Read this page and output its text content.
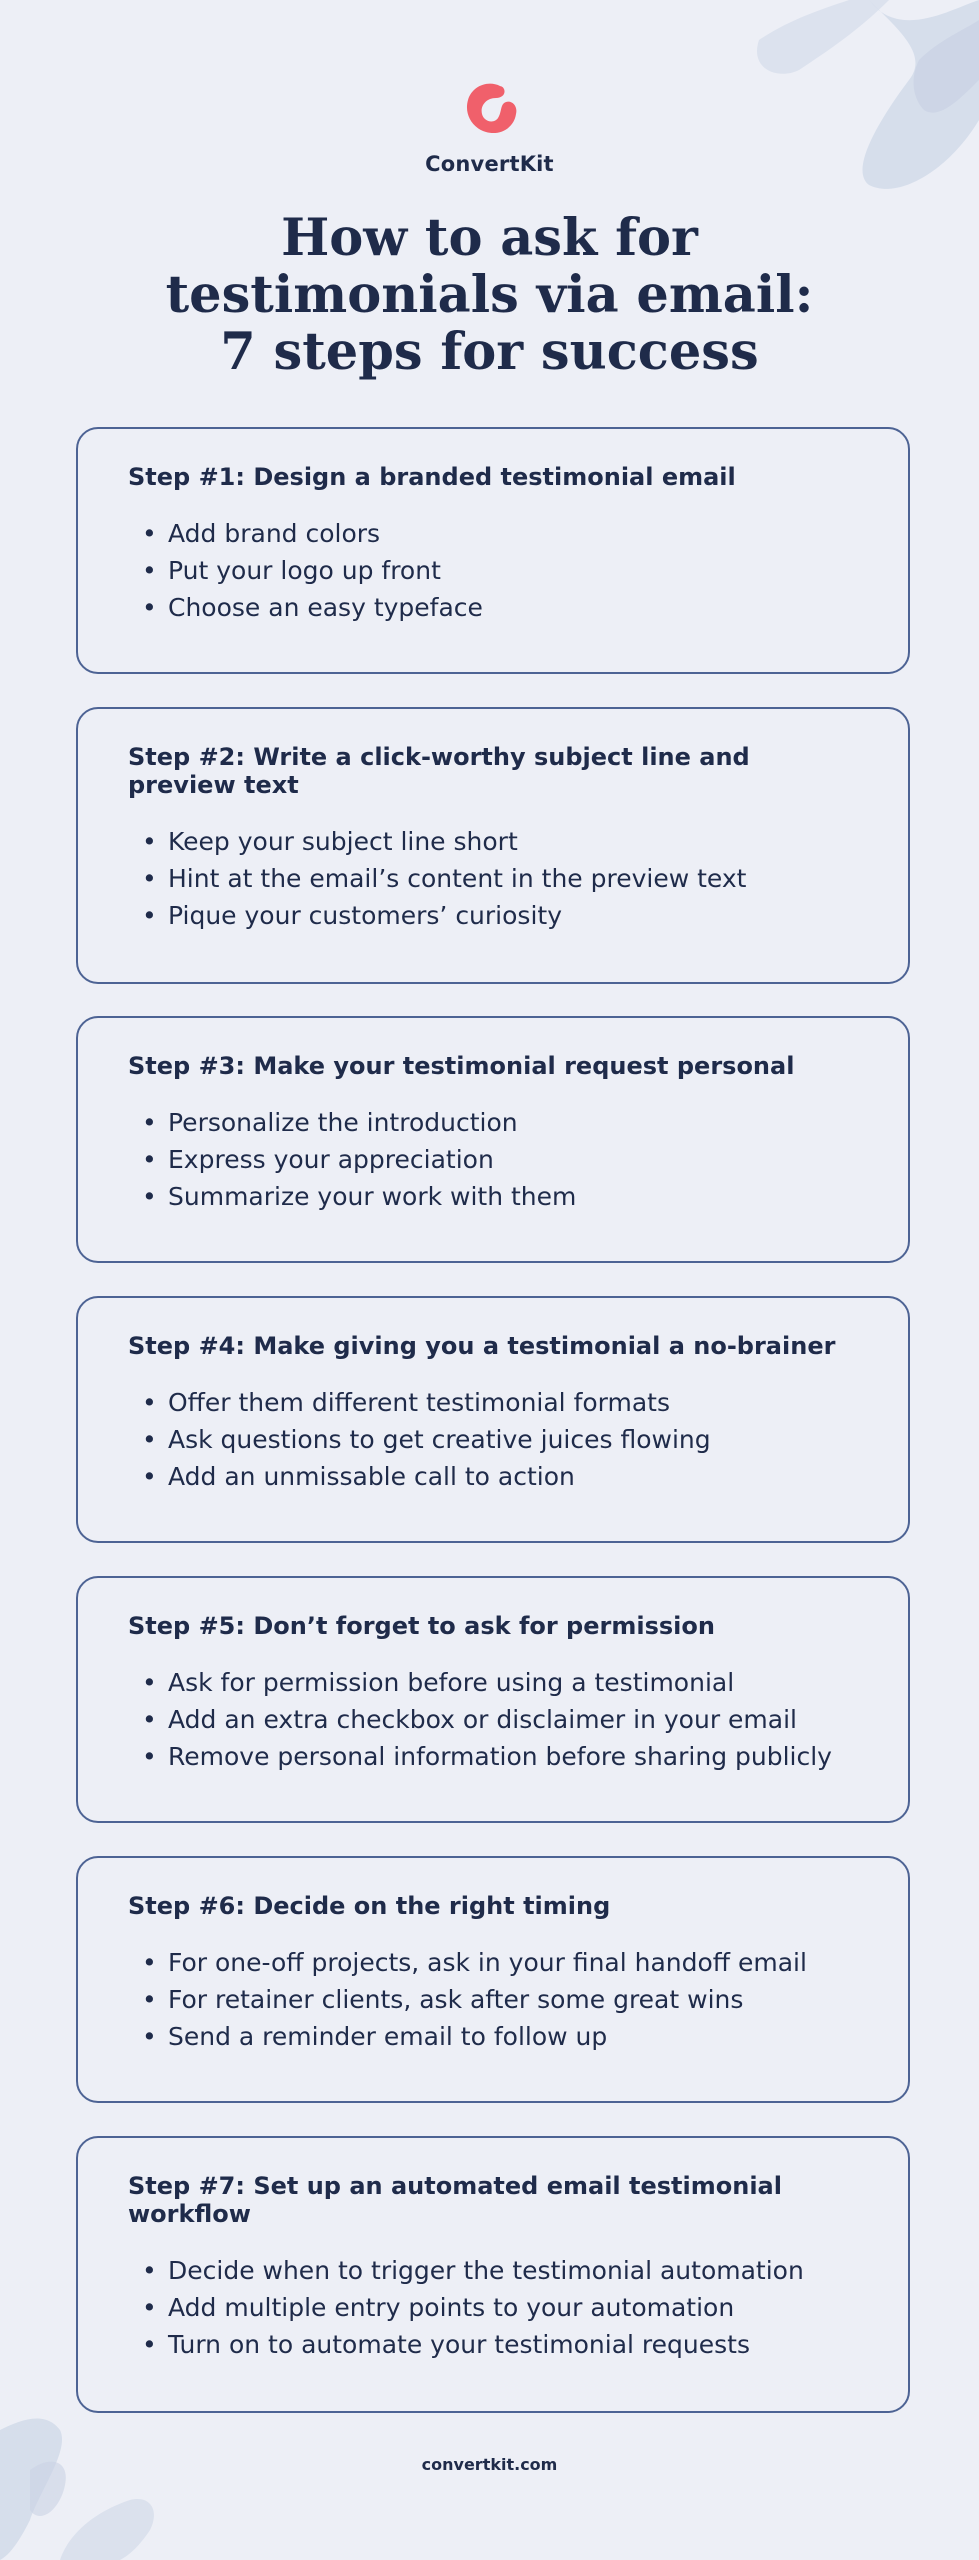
ConvertKit
How to ask for
testimonials via email:
7 steps for success
Step #1: Design a branded testimonial email
• Add brand colors
• Put your logo up front
• Choose an easy typeface
Step #2: Write a click-worthy subject line and preview text
• Keep your subject line short
• Hint at the email’s content in the preview text
• Pique your customers’ curiosity
Step #3: Make your testimonial request personal
• Personalize the introduction
• Express your appreciation
• Summarize your work with them
Step #4: Make giving you a testimonial a no-brainer
• Offer them different testimonial formats
• Ask questions to get creative juices flowing
• Add an unmissable call to action
Step #5: Don’t forget to ask for permission
• Ask for permission before using a testimonial
• Add an extra checkbox or disclaimer in your email
• Remove personal information before sharing publicly
Step #6: Decide on the right timing
• For one-off projects, ask in your final handoff email
• For retainer clients, ask after some great wins
• Send a reminder email to follow up
Step #7: Set up an automated email testimonial workflow
• Decide when to trigger the testimonial automation
• Add multiple entry points to your automation
• Turn on to automate your testimonial requests
convertkit.com
